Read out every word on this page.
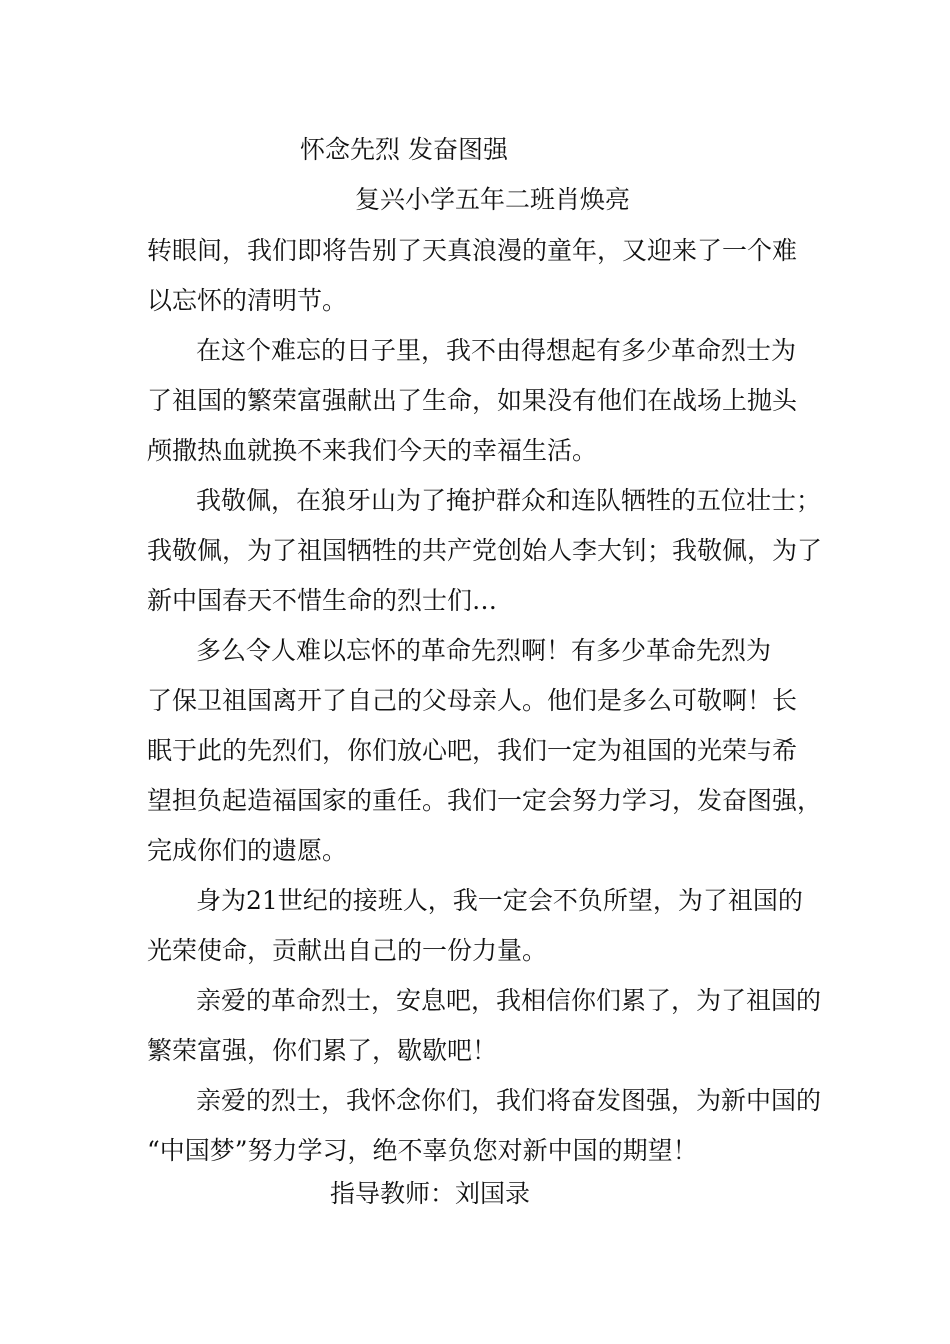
怀念先烈 发奋图强
复兴小学五年二班肖焕亮
转眼间，我们即将告别了天真浪漫的童年，又迎来了一个难
以忘怀的清明节。
在这个难忘的日子里，我不由得想起有多少革命烈士为
了祖国的繁荣富强献出了生命，如果没有他们在战场上抛头
颅撒热血就换不来我们今天的幸福生活。
我敬佩，在狼牙山为了掩护群众和连队牺牲的五位壮士；
我敬佩，为了祖国牺牲的共产党创始人李大钊；我敬佩，为了
新中国春天不惜生命的烈士们…
多么令人难以忘怀的革命先烈啊！有多少革命先烈为
了保卫祖国离开了自己的父母亲人。他们是多么可敬啊！长
眠于此的先烈们，你们放心吧，我们一定为祖国的光荣与希
望担负起造福国家的重任。我们一定会努力学习，发奋图强，
完成你们的遗愿。
身为21世纪的接班人，我一定会不负所望，为了祖国的
光荣使命，贡献出自己的一份力量。
亲爱的革命烈士，安息吧，我相信你们累了，为了祖国的
繁荣富强，你们累了，歇歇吧！
亲爱的烈士，我怀念你们，我们将奋发图强，为新中国的
“中国梦”努力学习，绝不辜负您对新中国的期望！
指导教师：刘国录
